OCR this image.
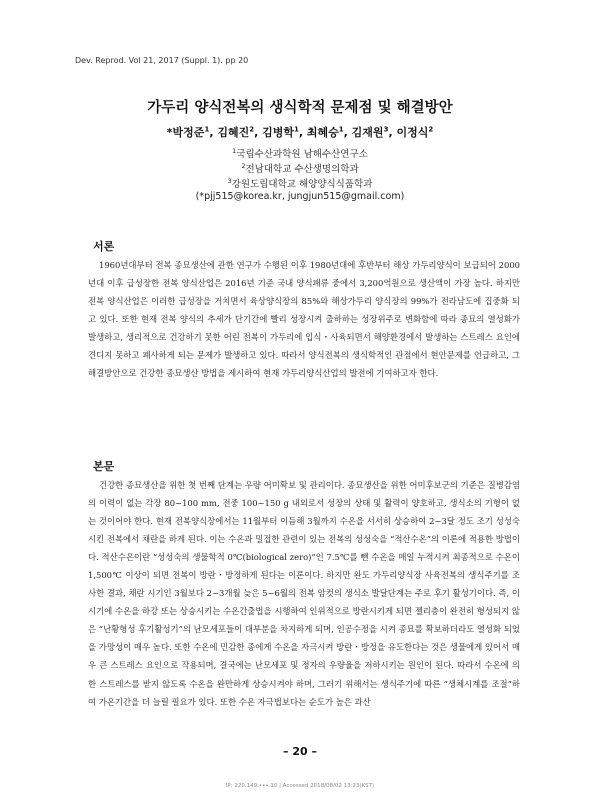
Dev. Reprod. Vol 21, 2017 (Suppl. 1). pp 20
가두리 양식전복의 생식학적 문제점 및 해결방안
*박정준$^1$, 김혜진$^2$, 김병학$^1$, 최혜승$^1$, 김재원$^3$, 이정식$^2$
$^1$국립수산과학원 남해수산연구소
$^2$전남대학교 수산생명의학과
$^3$강원도립대학교 해양양식식품학과
(*pjj515@korea.kr, jungjun515@gmail.com)
서론

1960년대부터 전복 종묘생산에 관한 연구가 수행된 이후 1980년대에 후반부터 해상 가두리양식이 보급되어 2000년대 이후 급성장한 전복 양식산업은 2016년 기준 국내 양식패류 중에서 3,200억원으로 생산액이 가장 높다. 하지만 전복 양식산업은 이러한 급성장을 거치면서 육상양식장의 85%와 해상가두리 양식장의 99%가 전라남도에 집중화 되고 있다. 또한 현재 전복 양식의 추세가 단기간에 빨리 성장시켜 출하하는 성장위주로 변화함에 따라 종묘의 열성화가 발생하고, 생리적으로 건강하기 못한 어린 전복이 가두리에 입식・사육되면서 해양환경에서 발생하는 스트레스 요인에 견디지 못하고 폐사하게 되는 문제가 발생하고 있다. 따라서 양식전복의 생식학적인 관점에서 현안문제를 언급하고, 그 해결방안으로 건강한 종묘생산 방법을 제시하여 현재 가두리양식산업의 발전에 기여하고자 한다.

본문

건강한 종묘생산을 위한 첫 번째 단계는 우량 어미확보 및 관리이다. 종묘생산을 위한 어미후보군의 기준은 질병감염의 이력이 없는 각장 80~100 mm, 전중 100~150 g 내외로서 성장의 상태 및 활력이 양호하고, 생식소의 기형이 없는 것이어야 한다. 현재 전복양식장에서는 11월부터 이듬해 3월까지 수온을 서서히 상승하여 2~3달 정도 조기 성성숙시킨 전복에서 채란을 하게 된다. 이는 수온과 밀접한 관련이 있는 전복의 성성숙을 “적산수온”의 이론에 적용한 방법이다. 적산수온이란 “성성숙의 생물학적 0℃(biological zero)”인 7.5℃를 뺀 수온을 매일 누적시켜 최종적으로 수온이 1,500℃ 이상이 되면 전복이 방란・방정하게 된다는 이론이다. 하지만 완도 가두리양식장 사육전복의 생식주기를 조사한 결과, 채란 시기인 3월보다 2~3개월 늦은 5~6월의 전복 암컷의 생식소 발달단계는 주로 후기 활성기이다. 즉, 이 시기에 수온을 하강 또는 상승시키는 수온간출법을 시행하여 인위적으로 방란시키게 되면 젤리층이 완전히 형성되지 않은 “난황형성 후기활성기”의 난모세포들이 대부분을 차지하게 되며, 인공수정을 시켜 종묘를 확보하더라도 열성화 되었을 가망성이 매우 높다. 또한 수온에 민감한 종에게 수온을 자극시켜 방란・방정을 유도한다는 것은 생물에게 있어서 매우 큰 스트레스 요인으로 작용되며, 결국에는 난모세포 및 정자의 우량율을 저하시키는 원인이 된다. 따라서 수온에 의한 스트레스를 받지 않도록 수온을 완만하게 상승시켜야 하며, 그러기 위해서는 생식주기에 따른 “생체시계를 조절”하여 가온기간을 더 늘릴 필요가 있다. 또한 수온 자극법보다는 순도가 높은 과산

– 20 –
IP: 220.149.•••.10 | Accessed 2018/08/02 13:23(KST)
